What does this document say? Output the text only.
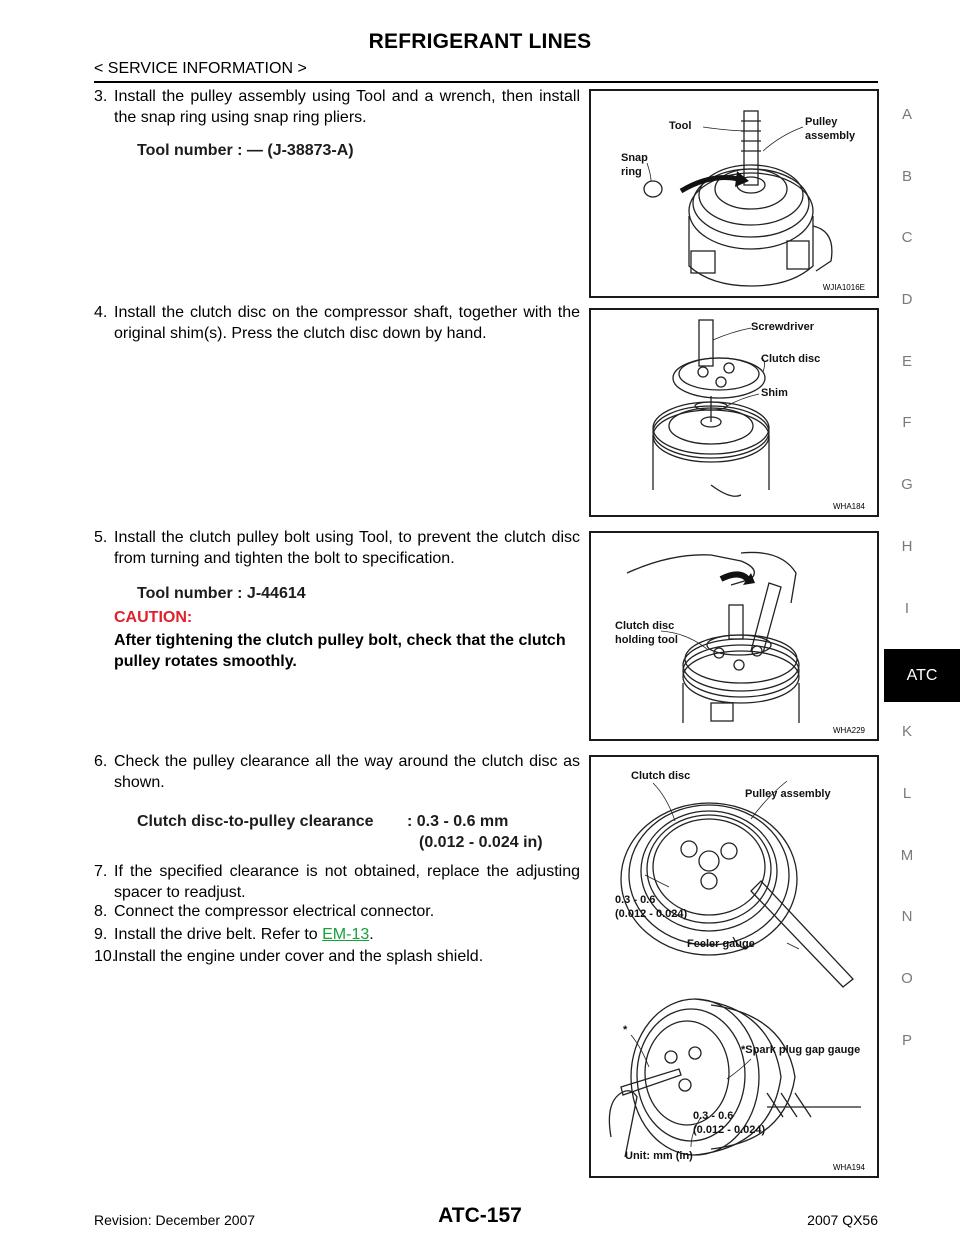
REFRIGERANT LINES
< SERVICE INFORMATION >
3. Install the pulley assembly using Tool and a wrench, then install the snap ring using snap ring pliers.
Tool number : — (J-38873-A)
Tool	Pulley
assembly
Snap
ring
WJIA1016E
4. Install the clutch disc on the compressor shaft, together with the original shim(s). Press the clutch disc down by hand.	Screwdriver
Clutch disc
Shim
WHA184
5. Install the clutch pulley bolt using Tool, to prevent the clutch disc from turning and tighten the bolt to specification.
Tool number : J-44614
CAUTION:
After tightening the clutch pulley bolt, check that the clutch pulley rotates smoothly.
Clutch disc
holding tool
WHA229
6. Check the pulley clearance all the way around the clutch disc as shown.
Clutch disc-to-pulley clearance : 0.3 - 0.6 mm
(0.012 - 0.024 in)
7. If the specified clearance is not obtained, replace the adjusting spacer to readjust.
8. Connect the compressor electrical connector.
9. Install the drive belt. Refer to EM-13.
10.
Install the engine under cover and the splash shield.
Clutch disc
Pulley assembly
0.3 - 0.6
(0.012 - 0.024)
Feeler gauge
*
*Spark plug gap gauge
0.3 - 0.6
(0.012 - 0.024)
Unit: mm (in)
WHA194
A
B
C
D
E
F
G
H
I
K
L
M
N
O
P
ATC
Revision: December 2007	ATC-157	2007 QX56
